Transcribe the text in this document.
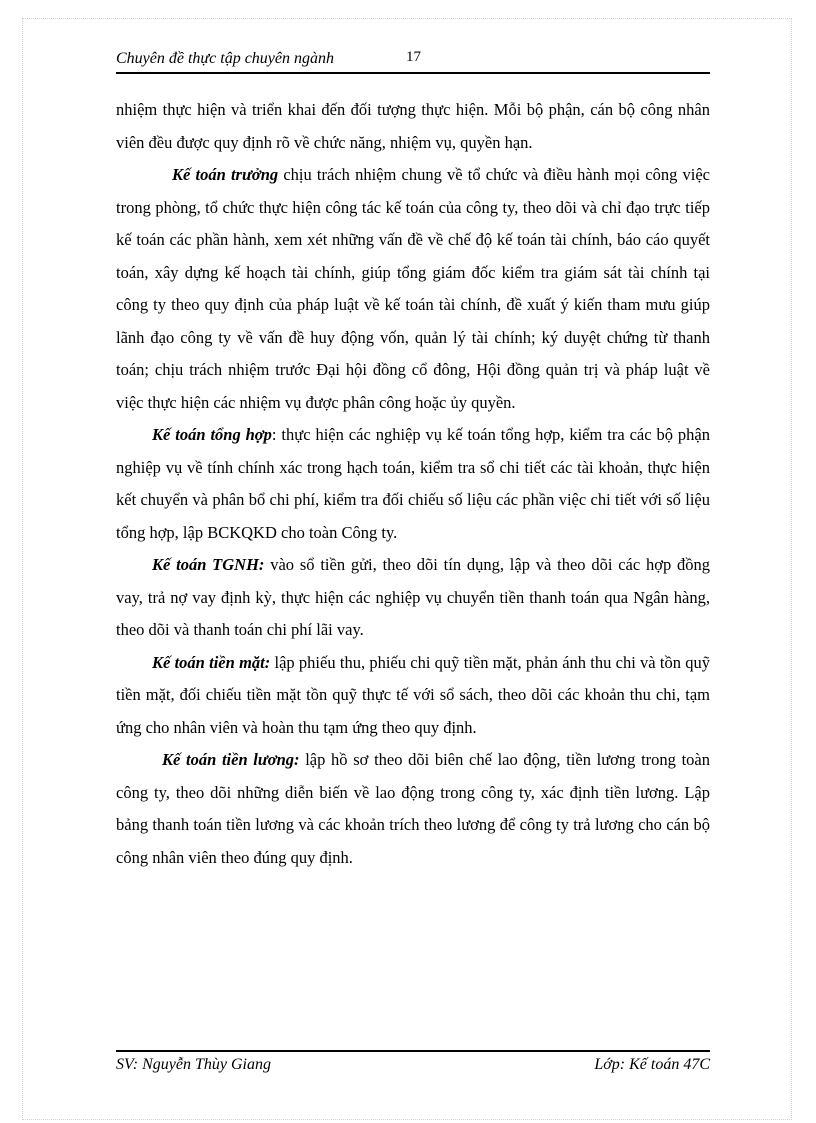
Chuyên đề thực tập chuyên ngành	17

nhiệm thực hiện và triển khai đến đối tượng thực hiện. Mỗi bộ phận, cán bộ công nhân viên đều được quy định rõ về chức năng, nhiệm vụ, quyền hạn.

Kế toán trưởng chịu trách nhiệm chung về tổ chức và điều hành mọi công việc trong phòng, tổ chức thực hiện công tác kế toán của công ty, theo dõi và chỉ đạo trực tiếp kế toán các phần hành, xem xét những vấn đề về chế độ kế toán tài chính, báo cáo quyết toán, xây dựng kế hoạch tài chính, giúp tổng giám đốc kiểm tra giám sát tài chính tại công ty theo quy định của pháp luật về kế toán tài chính, đề xuất ý kiến tham mưu giúp lãnh đạo công ty về vấn đề huy động vốn, quản lý tài chính; ký duyệt chứng từ thanh toán; chịu trách nhiệm trước Đại hội đồng cổ đông, Hội đồng quản trị và pháp luật về việc thực hiện các nhiệm vụ được phân công hoặc ủy quyền.

Kế toán tổng hợp: thực hiện các nghiệp vụ kế toán tổng hợp, kiểm tra các bộ phận nghiệp vụ về tính chính xác trong hạch toán, kiểm tra sổ chi tiết các tài khoản, thực hiện kết chuyển và phân bổ chi phí, kiểm tra đối chiếu số liệu các phần việc chi tiết với số liệu tổng hợp, lập BCKQKD cho toàn Công ty.

Kế toán TGNH: vào sổ tiền gửi, theo dõi tín dụng, lập và theo dõi các hợp đồng vay, trả nợ vay định kỳ, thực hiện các nghiệp vụ chuyển tiền thanh toán qua Ngân hàng, theo dõi và thanh toán chi phí lãi vay.

Kế toán tiền mặt: lập phiếu thu, phiếu chi quỹ tiền mặt, phản ánh thu chi và tồn quỹ tiền mặt, đối chiếu tiền mặt tồn quỹ thực tế với sổ sách, theo dõi các khoản thu chi, tạm ứng cho nhân viên và hoàn thu tạm ứng theo quy định.

Kế toán tiền lương: lập hồ sơ theo dõi biên chế lao động, tiền lương trong toàn công ty, theo dõi những diễn biến về lao động trong công ty, xác định tiền lương. Lập bảng thanh toán tiền lương và các khoản trích theo lương để công ty trả lương cho cán bộ công nhân viên theo đúng quy định.

SV: Nguyễn Thùy Giang	Lớp: Kế toán 47C
